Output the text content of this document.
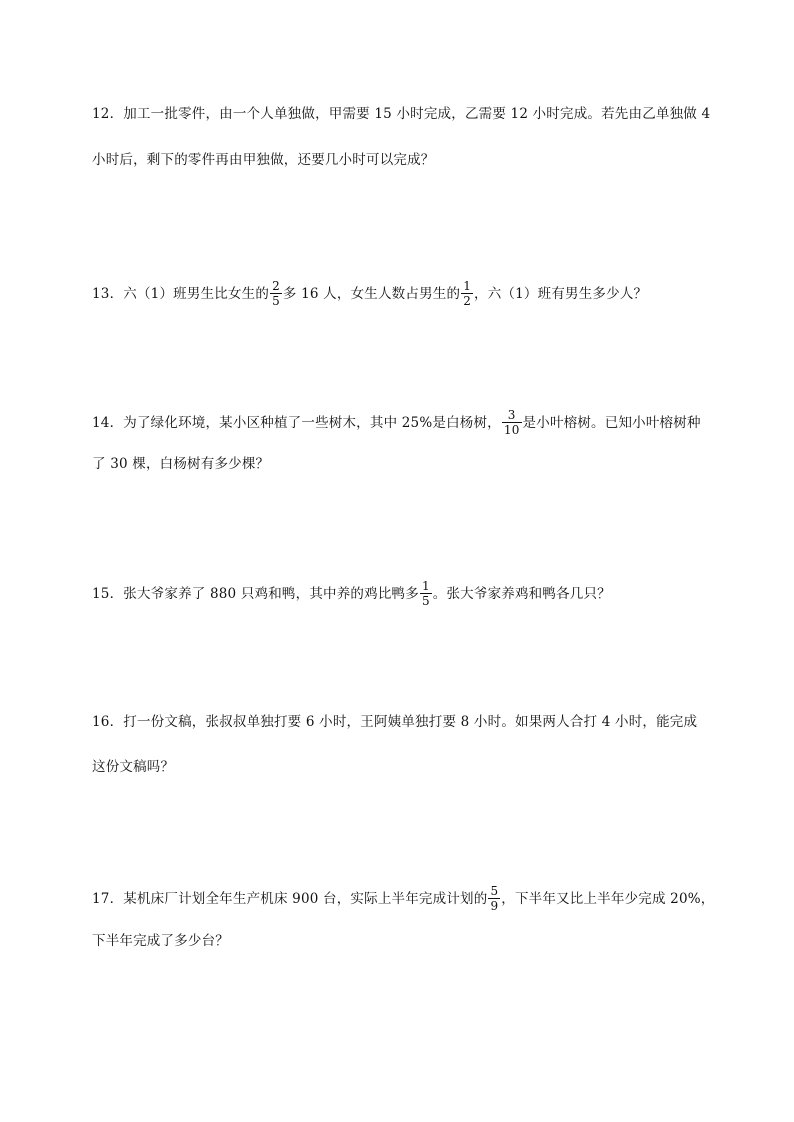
12．加工一批零件，由一个人单独做，甲需要 15 小时完成，乙需要 12 小时完成。若先由乙单独做 4
小时后，剩下的零件再由甲独做，还要几小时可以完成？
13．六（1）班男生比女生的 $\frac{2}{5}$ 多 16 人，女生人数占男生的 $\frac{1}{2}$ ，六（1）班有男生多少人？
14．为了绿化环境，某小区种植了一些树木，其中 25%是白杨树， $\frac{3}{10}$ 是小叶榕树。已知小叶榕树种
了 30 棵，白杨树有多少棵？
15．张大爷家养了 880 只鸡和鸭，其中养的鸡比鸭多 $\frac{1}{5}$ 。张大爷家养鸡和鸭各几只？
16．打一份文稿，张叔叔单独打要 6 小时，王阿姨单独打要 8 小时。如果两人合打 4 小时，能完成
这份文稿吗？
17．某机床厂计划全年生产机床 900 台，实际上半年完成计划的 $\frac{5}{9}$ ，下半年又比上半年少完成 20%，
下半年完成了多少台？
